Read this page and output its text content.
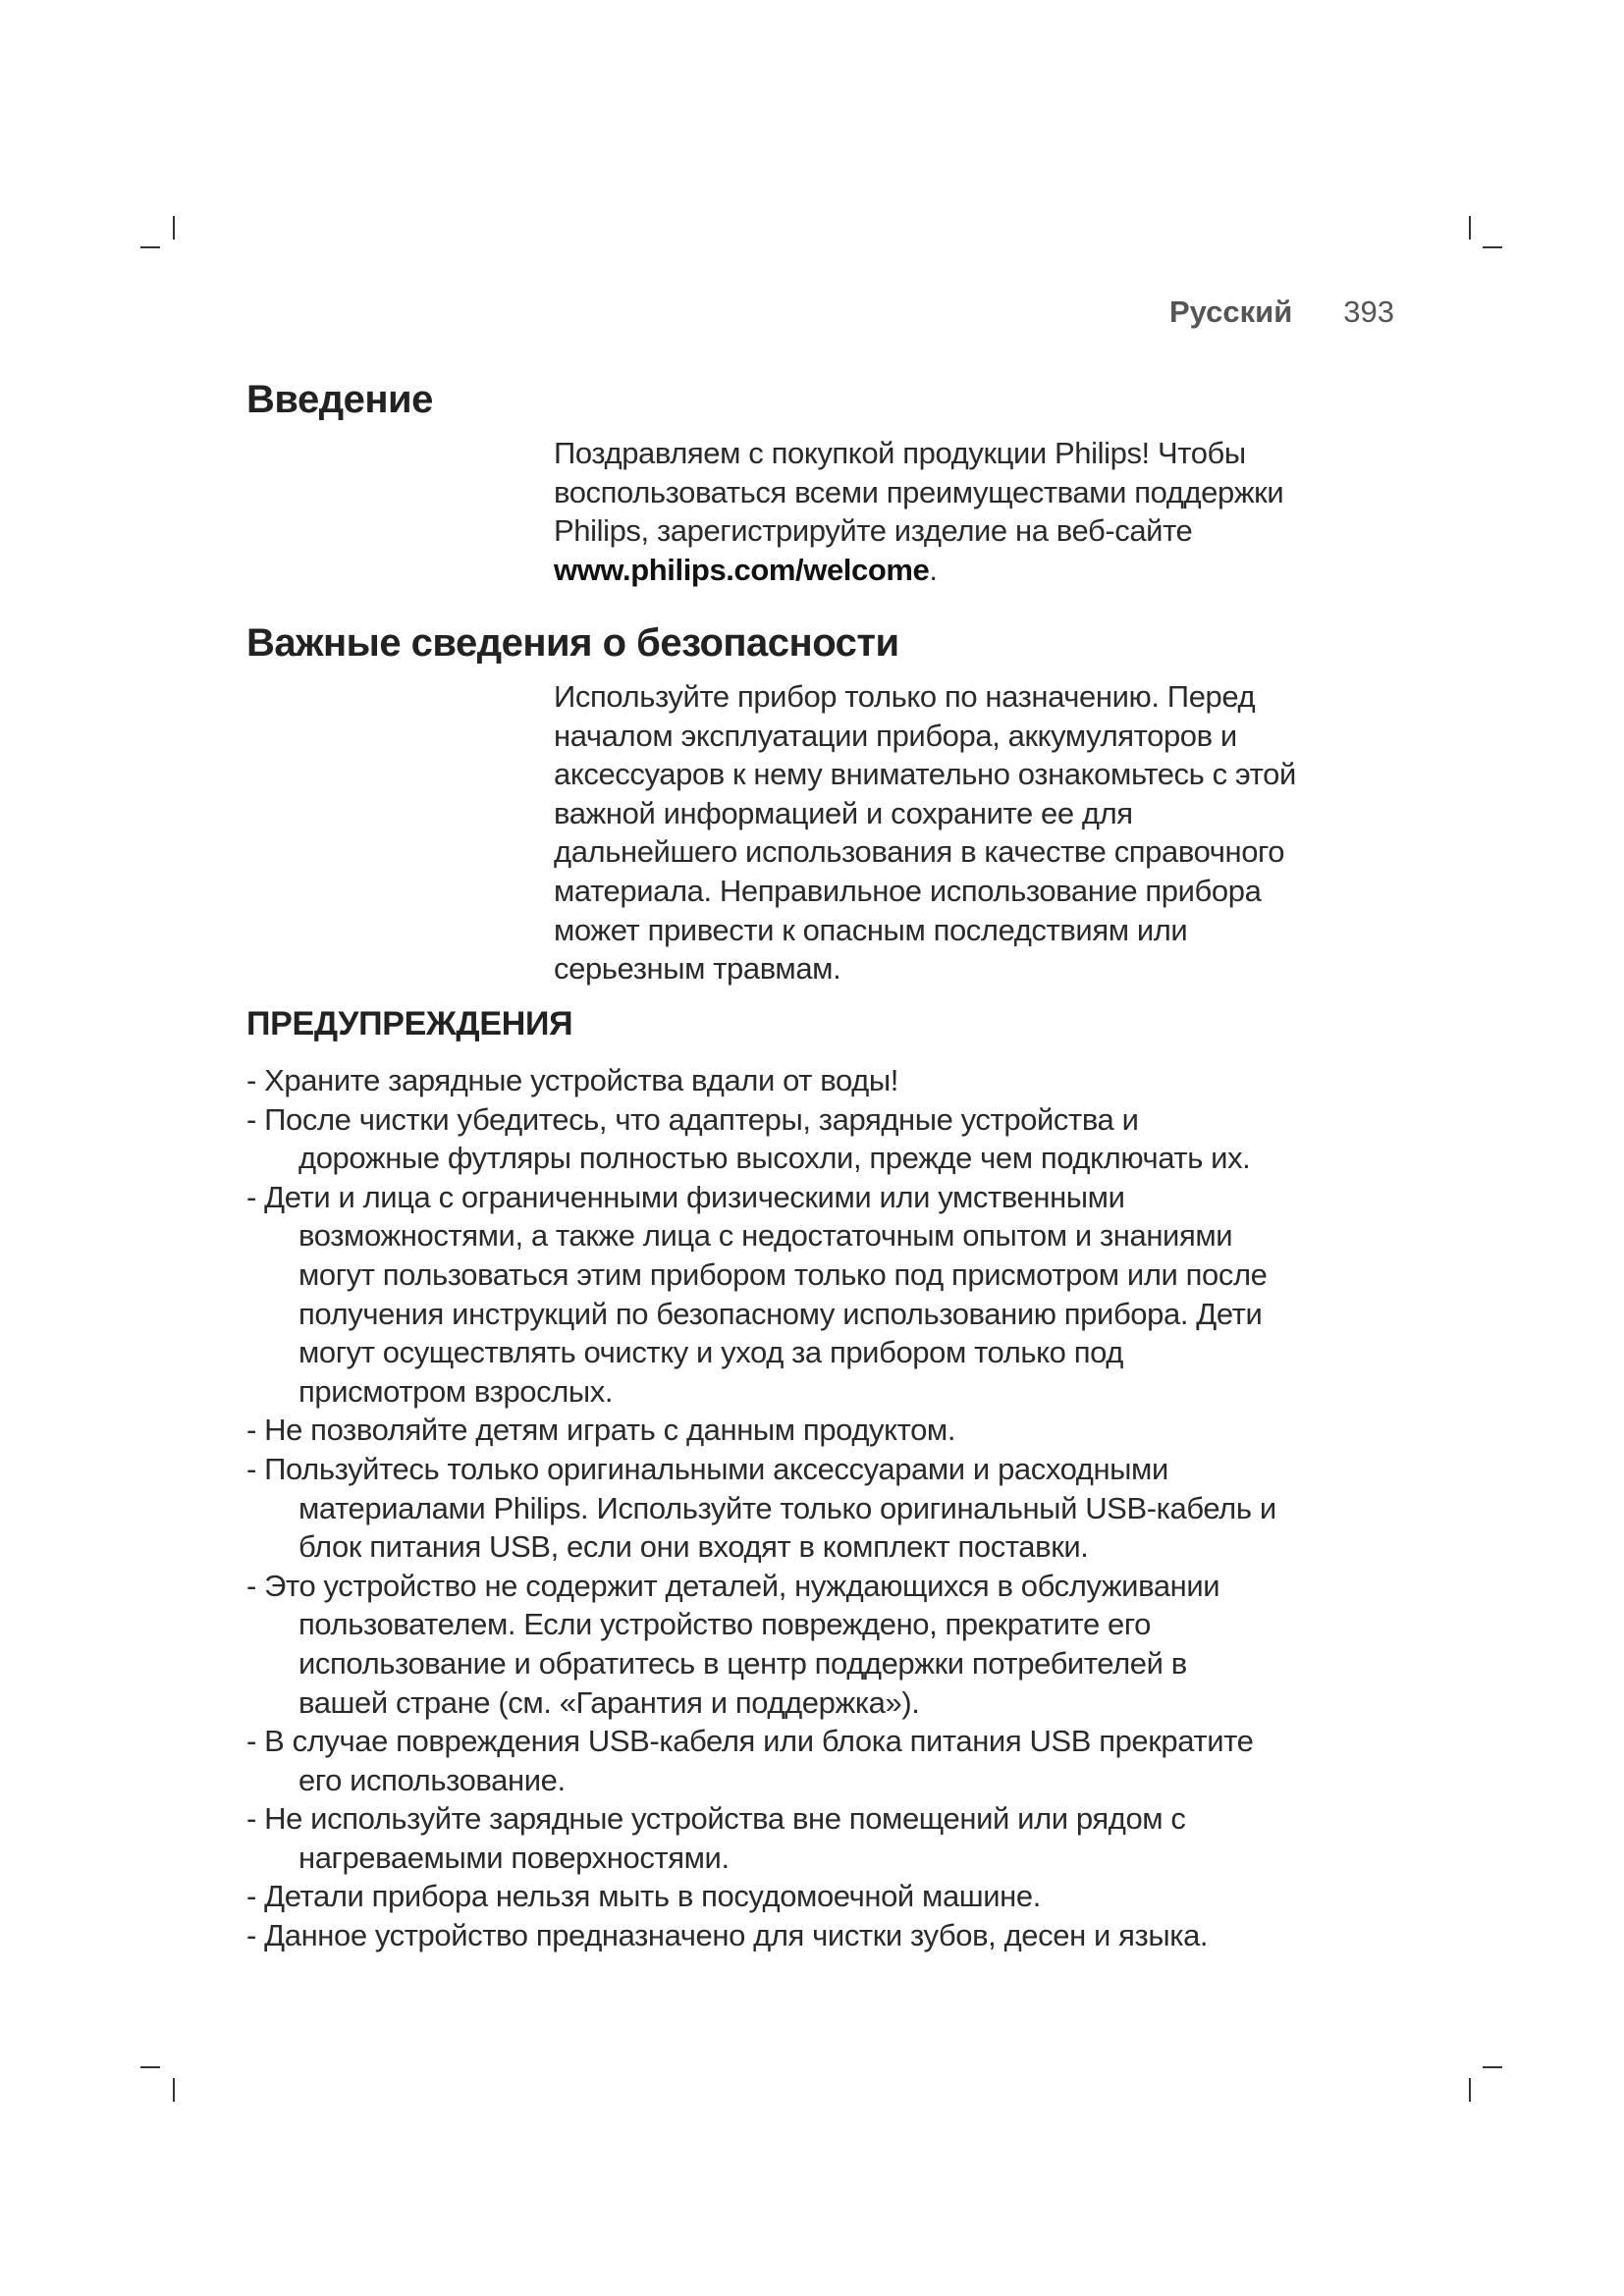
Русский 393
Введение
Поздравляем с покупкой продукции Philips! Чтобы
воспользоваться всеми преимуществами поддержки
Philips, зарегистрируйте изделие на веб-сайте
www.philips.com/welcome.
Важные сведения о безопасности
Используйте прибор только по назначению. Перед
началом эксплуатации прибора, аккумуляторов и
аксессуаров к нему внимательно ознакомьтесь с этой
важной информацией и сохраните ее для
дальнейшего использования в качестве справочного
материала. Неправильное использование прибора
может привести к опасным последствиям или
серьезным травмам.
ПРЕДУПРЕЖДЕНИЯ
- Храните зарядные устройства вдали от воды!
- После чистки убедитесь, что адаптеры, зарядные устройства и
дорожные футляры полностью высохли, прежде чем подключать их.
- Дети и лица с ограниченными физическими или умственными
возможностями, а также лица с недостаточным опытом и знаниями
могут пользоваться этим прибором только под присмотром или после
получения инструкций по безопасному использованию прибора. Дети
могут осуществлять очистку и уход за прибором только под
присмотром взрослых.
- Не позволяйте детям играть с данным продуктом.
- Пользуйтесь только оригинальными аксессуарами и расходными
материалами Philips. Используйте только оригинальный USB-кабель и
блок питания USB, если они входят в комплект поставки.
- Это устройство не содержит деталей, нуждающихся в обслуживании
пользователем. Если устройство повреждено, прекратите его
использование и обратитесь в центр поддержки потребителей в
вашей стране (см. «Гарантия и поддержка»).
- В случае повреждения USB-кабеля или блока питания USB прекратите
его использование.
- Не используйте зарядные устройства вне помещений или рядом с
нагреваемыми поверхностями.
- Детали прибора нельзя мыть в посудомоечной машине.
- Данное устройство предназначено для чистки зубов, десен и языка.
